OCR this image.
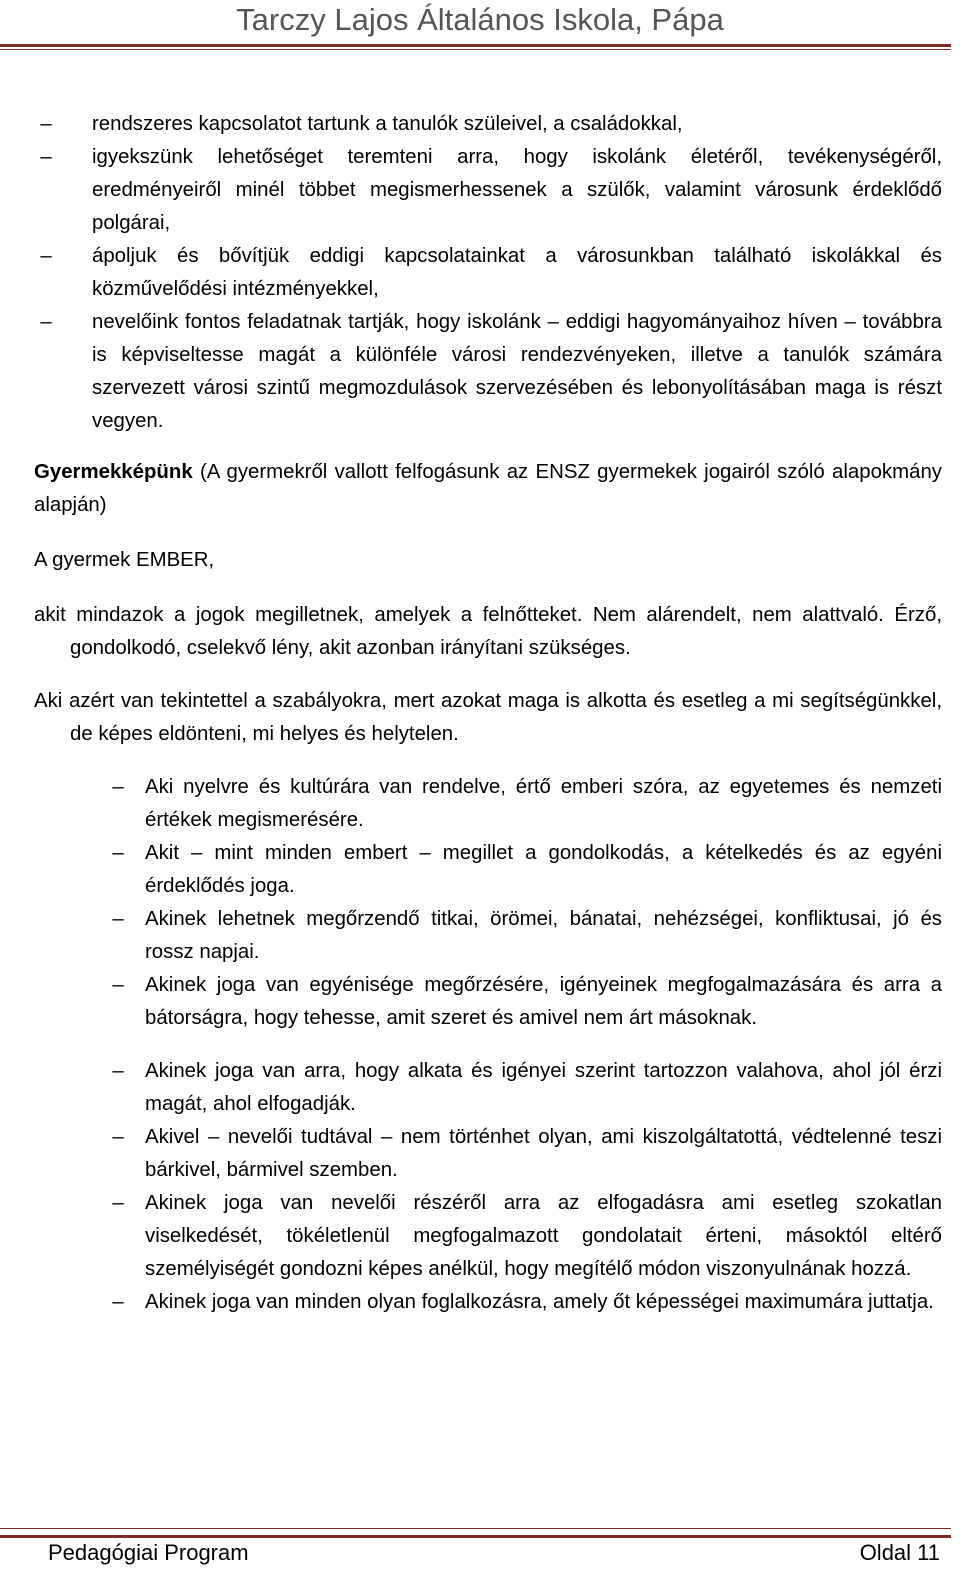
Tarczy Lajos Általános Iskola, Pápa
–	rendszeres kapcsolatot tartunk a tanulók szüleivel, a családokkal,
–	igyekszünk lehetőséget teremteni arra, hogy iskolánk életéről, tevékenységéről, eredményeiről minél többet megismerhessenek a szülők, valamint városunk érdeklődő polgárai,
–	ápoljuk és bővítjük eddigi kapcsolatainkat a városunkban található iskolákkal és közművelődési intézményekkel,
–	nevelőink fontos feladatnak tartják, hogy iskolánk – eddigi hagyományaihoz híven – továbbra is képviseltesse magát a különféle városi rendezvényeken, illetve a tanulók számára szervezett városi szintű megmozdulások szervezésében és lebonyolításában maga is részt vegyen.

Gyermekképünk (A gyermekről vallott felfogásunk az ENSZ gyermekek jogairól szóló alapokmány alapján)

A gyermek EMBER,

akit mindazok a jogok megilletnek, amelyek a felnőtteket. Nem alárendelt, nem alattvaló. Érző, gondolkodó, cselekvő lény, akit azonban irányítani szükséges.

Aki azért van tekintettel a szabályokra, mert azokat maga is alkotta és esetleg a mi segítségünkkel, de képes eldönteni, mi helyes és helytelen.

–	Aki nyelvre és kultúrára van rendelve, értő emberi szóra, az egyetemes és nemzeti értékek megismerésére.
–	Akit – mint minden embert – megillet a gondolkodás, a kételkedés és az egyéni érdeklődés joga.
–	Akinek lehetnek megőrzendő titkai, örömei, bánatai, nehézségei, konfliktusai, jó és rossz napjai.
–	Akinek joga van egyénisége megőrzésére, igényeinek megfogalmazására és arra a bátorságra, hogy tehesse, amit szeret és amivel nem árt másoknak.
–	Akinek joga van arra, hogy alkata és igényei szerint tartozzon valahova, ahol jól érzi magát, ahol elfogadják.
–	Akivel – nevelői tudtával – nem történhet olyan, ami kiszolgáltatottá, védtelenné teszi bárkivel, bármivel szemben.
–	Akinek joga van nevelői részéről arra az elfogadásra ami esetleg szokatlan viselkedését, tökéletlenül megfogalmazott gondolatait érteni, másoktól eltérő személyiségét gondozni képes anélkül, hogy megítélő módon viszonyulnának hozzá.
–	Akinek joga van minden olyan foglalkozásra, amely őt képességei maximumára juttatja.
Pedagógiai Program	Oldal 11
